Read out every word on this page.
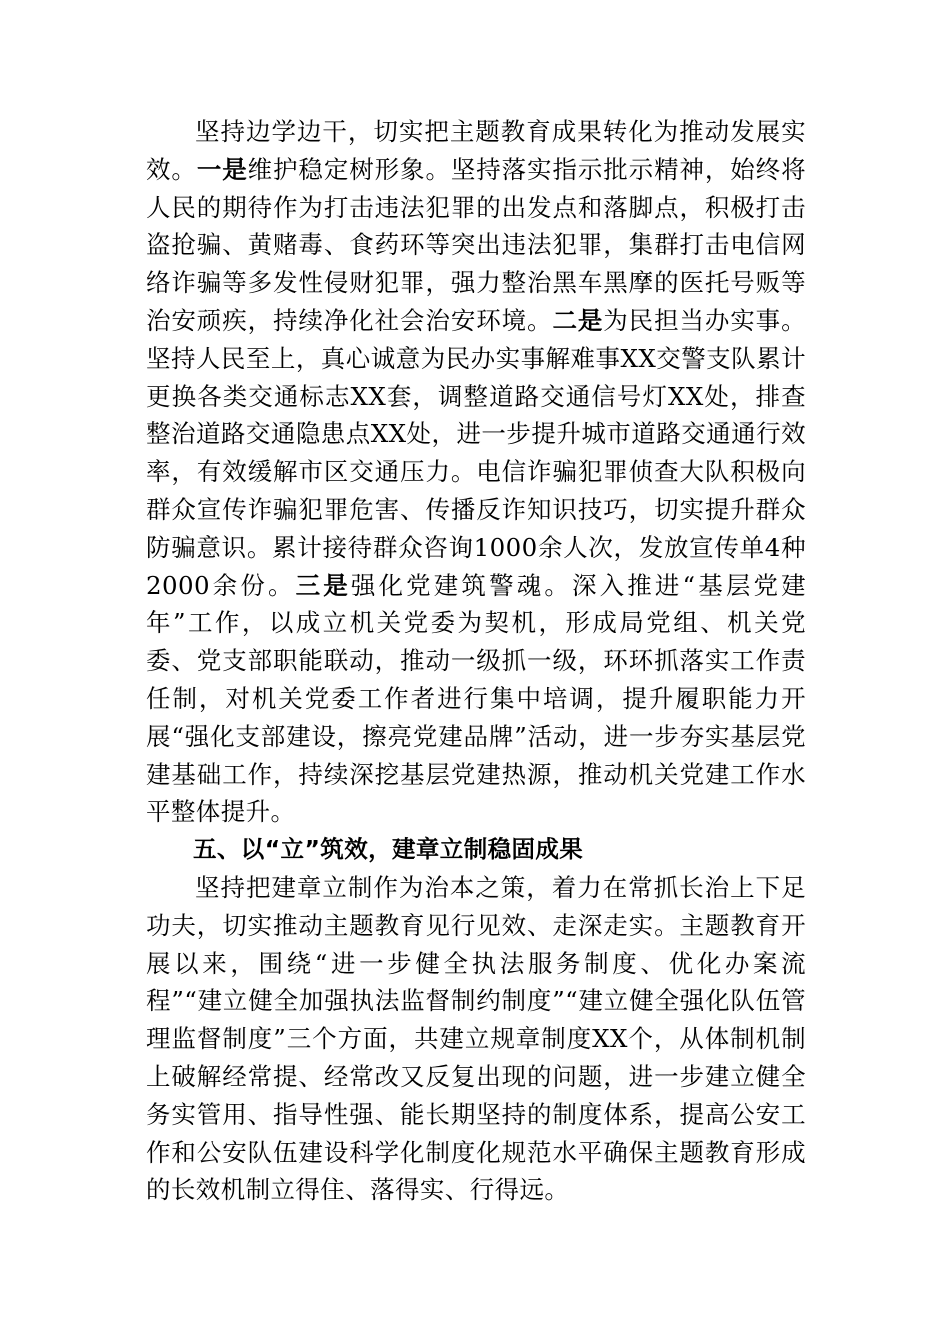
坚持边学边干，切实把主题教育成果转化为推动发展实效。一是维护稳定树形象。坚持落实指示批示精神，始终将人民的期待作为打击违法犯罪的出发点和落脚点，积极打击盗抢骗、黄赌毒、食药环等突出违法犯罪，集群打击电信网络诈骗等多发性侵财犯罪，强力整治黑车黑摩的医托号贩等治安顽疾，持续净化社会治安环境。二是为民担当办实事。坚持人民至上，真心诚意为民办实事解难事XX交警支队累计更换各类交通标志XX套，调整道路交通信号灯XX处，排查整治道路交通隐患点XX处，进一步提升城市道路交通通行效率，有效缓解市区交通压力。电信诈骗犯罪侦查大队积极向群众宣传诈骗犯罪危害、传播反诈知识技巧，切实提升群众防骗意识。累计接待群众咨询1000余人次，发放宣传单4种2000余份。三是强化党建筑警魂。深入推进“基层党建年”工作，以成立机关党委为契机，形成局党组、机关党委、党支部职能联动，推动一级抓一级，环环抓落实工作责任制，对机关党委工作者进行集中培调，提升履职能力开展“强化支部建设，擦亮党建品牌”活动，进一步夯实基层党建基础工作，持续深挖基层党建热源，推动机关党建工作水平整体提升。

五、以“立”筑效，建章立制稳固成果

坚持把建章立制作为治本之策，着力在常抓长治上下足功夫，切实推动主题教育见行见效、走深走实。主题教育开展以来，围绕“进一步健全执法服务制度、优化办案流程”“建立健全加强执法监督制约制度”“建立健全强化队伍管理监督制度”三个方面，共建立规章制度XX个，从体制机制上破解经常提、经常改又反复出现的问题，进一步建立健全务实管用、指导性强、能长期坚持的制度体系，提高公安工作和公安队伍建设科学化制度化规范水平确保主题教育形成的长效机制立得住、落得实、行得远。
